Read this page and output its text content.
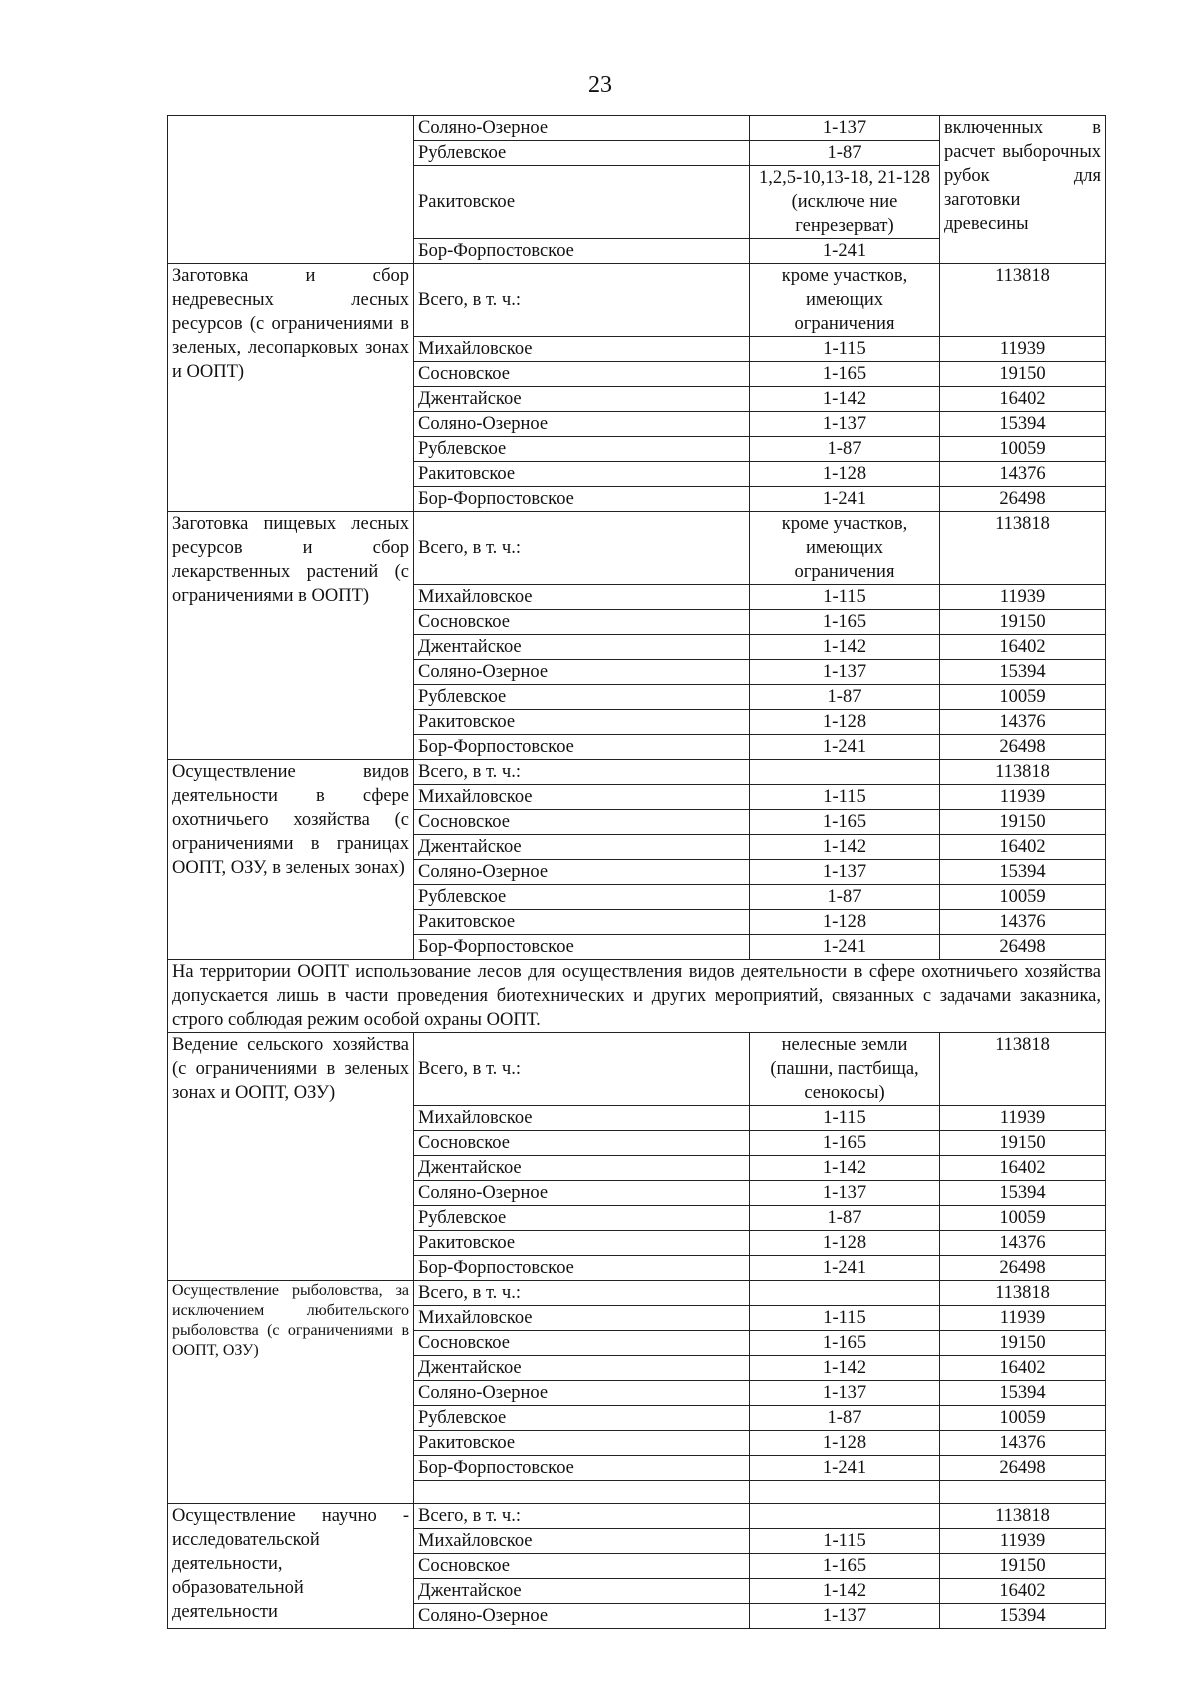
23
	Соляно-Озерное	1-137	включенных в расчет выборочных рубок для заготовки древесины
	Рублевское	1-87	
	Ракитовское	1,2,5-10,13-18, 21-128 (исключе ние генрезерват)	
	Бор-Форпостовское	1-241	
Заготовка и сбор недревесных лесных ресурсов (с ограничениями в зеленых, лесопарковых зонах и ООПТ)	Всего, в т. ч.:	кроме участков, имеющих ограничения	113818
	Михайловское	1-115	11939
	Сосновское	1-165	19150
	Джентайское	1-142	16402
	Соляно-Озерное	1-137	15394
	Рублевское	1-87	10059
	Ракитовское	1-128	14376
	Бор-Форпостовское	1-241	26498
Заготовка пищевых лесных ресурсов и сбор лекарственных растений (с ограничениями в ООПТ)	Всего, в т. ч.:	кроме участков, имеющих ограничения	113818
	Михайловское	1-115	11939
	Сосновское	1-165	19150
	Джентайское	1-142	16402
	Соляно-Озерное	1-137	15394
	Рублевское	1-87	10059
	Ракитовское	1-128	14376
	Бор-Форпостовское	1-241	26498
Осуществление видов деятельности в сфере охотничьего хозяйства (с ограничениями в границах ООПТ, ОЗУ, в зеленых зонах)	Всего, в т. ч.:		113818
	Михайловское	1-115	11939
	Сосновское	1-165	19150
	Джентайское	1-142	16402
	Соляно-Озерное	1-137	15394
	Рублевское	1-87	10059
	Ракитовское	1-128	14376
	Бор-Форпостовское	1-241	26498
На территории ООПТ использование лесов для осуществления видов деятельности в сфере охотничьего хозяйства допускается лишь в части проведения биотехнических и других мероприятий, связанных с задачами заказника, строго соблюдая режим особой охраны ООПТ.			
Ведение сельского хозяйства (с ограничениями в зеленых зонах и ООПТ, ОЗУ)	Всего, в т. ч.:	нелесные земли (пашни, пастбища, сенокосы)	113818
	Михайловское	1-115	11939
	Сосновское	1-165	19150
	Джентайское	1-142	16402
	Соляно-Озерное	1-137	15394
	Рублевское	1-87	10059
	Ракитовское	1-128	14376
	Бор-Форпостовское	1-241	26498
Осуществление рыболовства, за исключением любительского рыболовства (с ограничениями в ООПТ, ОЗУ)	Всего, в т. ч.:		113818
	Михайловское	1-115	11939
	Сосновское	1-165	19150
	Джентайское	1-142	16402
	Соляно-Озерное	1-137	15394
	Рублевское	1-87	10059
	Ракитовское	1-128	14376
	Бор-Форпостовское	1-241	26498

Осуществление научно - исследовательской деятельности, образовательной деятельности	Всего, в т. ч.:		113818
	Михайловское	1-115	11939
	Сосновское	1-165	19150
	Джентайское	1-142	16402
	Соляно-Озерное	1-137	15394
